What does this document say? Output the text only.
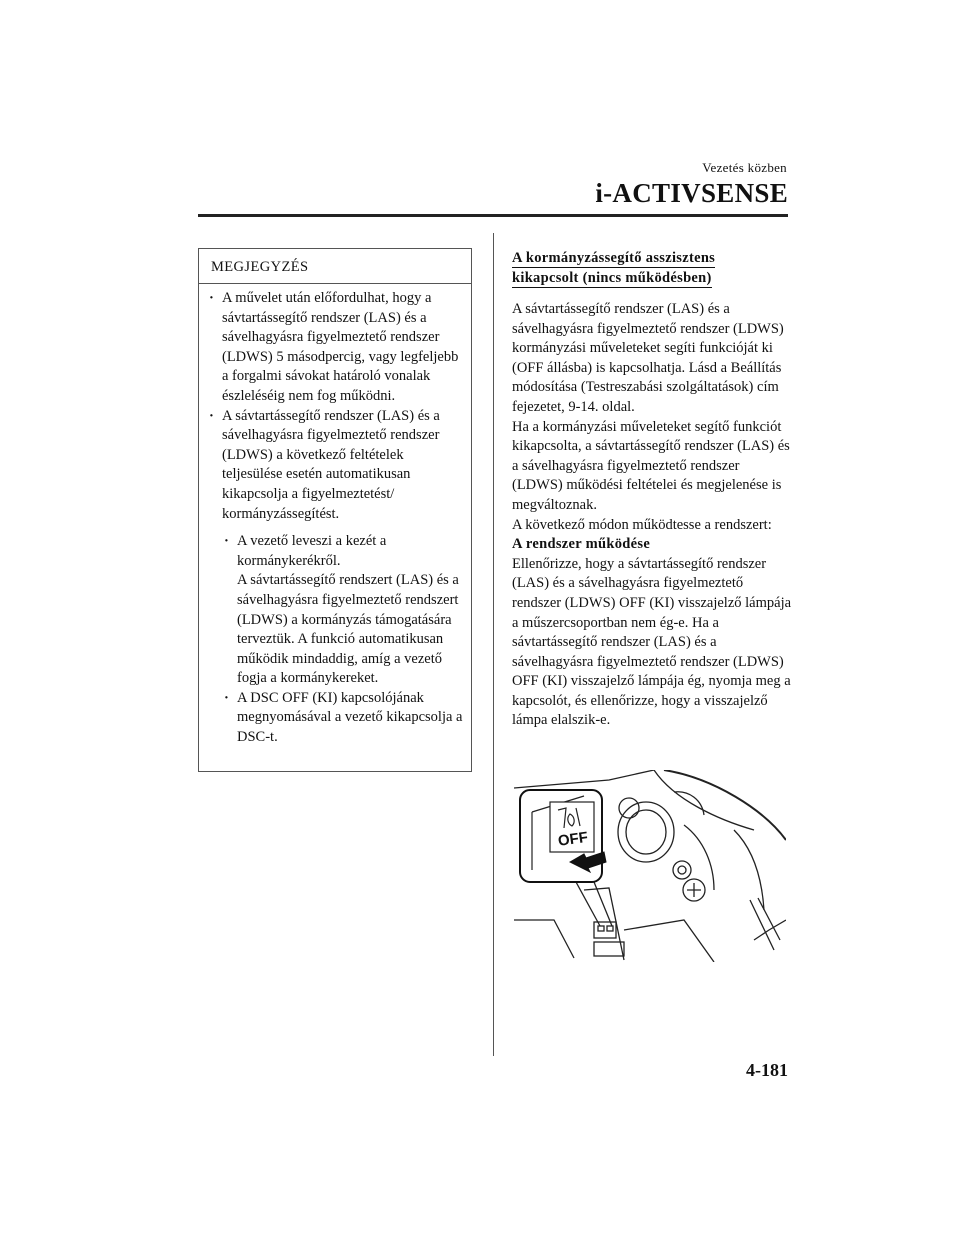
Vezetés közben
i-ACTIVSENSE
MEGJEGYZÉS
· A művelet után előfordulhat, hogy a sávtartássegítő rendszer (LAS) és a sávelhagyásra figyelmeztető rendszer (LDWS) 5 másodpercig, vagy legfeljebb a forgalmi sávokat határoló vonalak észleléséig nem fog működni.
· A sávtartássegítő rendszer (LAS) és a sávelhagyásra figyelmeztető rendszer (LDWS) a következő feltételek teljesülése esetén automatikusan kikapcsolja a figyelmeztetést/ kormányzássegítést.
· A vezető leveszi a kezét a kormánykerékről.
A sávtartássegítő rendszert (LAS) és a sávelhagyásra figyelmeztető rendszert (LDWS) a kormányzás támogatására terveztük. A funkció automatikusan működik mindaddig, amíg a vezető fogja a kormánykereket.
· A DSC OFF (KI) kapcsolójának megnyomásával a vezető kikapcsolja a DSC-t.
A kormányzássegítő asszisztens
kikapcsolt (nincs működésben)
A sávtartássegítő rendszer (LAS) és a sávelhagyásra figyelmeztető rendszer (LDWS) kormányzási műveleteket segíti funkcióját ki (OFF állásba) is kapcsolhatja. Lásd a Beállítás módosítása (Testreszabási szolgáltatások) cím fejezetet, 9-14. oldal.
Ha a kormányzási műveleteket segítő funkciót kikapcsolta, a sávtartássegítő rendszer (LAS) és a sávelhagyásra figyelmeztető rendszer (LDWS) működési feltételei és megjelenése is megváltoznak.
A következő módon működtesse a rendszert:
A rendszer működése
Ellenőrizze, hogy a sávtartássegítő rendszer (LAS) és a sávelhagyásra figyelmeztető rendszer (LDWS) OFF (KI) visszajelző lámpája a műszercsoportban nem ég-e. Ha a sávtartássegítő rendszer (LAS) és a sávelhagyásra figyelmeztető rendszer (LDWS) OFF (KI) visszajelző lámpája ég, nyomja meg a kapcsolót, és ellenőrizze, hogy a visszajelző lámpa elalszik-e.
OFF
4-181
